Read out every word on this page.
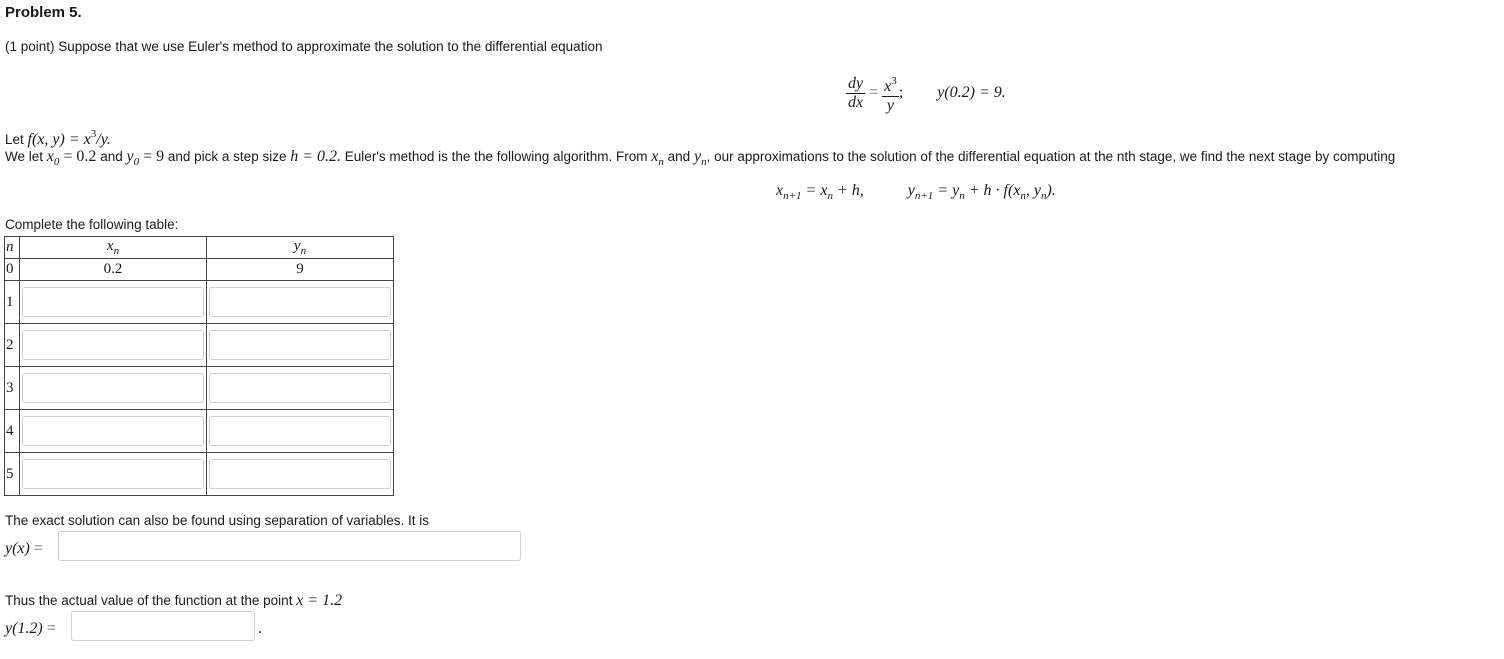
Problem 5.
(1 point) Suppose that we use Euler's method to approximate the solution to the differential equation
$\frac{dy}{dx} = \frac{x^3}{y}$ ; y(0.2) = 9.
Let f(x, $y) = x^3/y$.
We let $x_0 = 0.2$ and $y_0 = 9$ and pick a step size h = 0.2. Euler's method is the the following algorithm. From $x_n$ and $y_n$, our approximations to the solution of the differential equation at the nth stage, we find the next stage by computing
$x_{n+1} = x_n + h$,	$y_{n+1} = y_n + h \cdot f(x_n$, $y_n$).
Complete the following table:
n	$x_n$	$y_n$
0	0.2	9
1	

2	

3	

4	

5	

The exact solution can also be found using separation of variables. It is
y(x) =
Thus the actual value of the function at the point x = 1.2
y(1.2) =	.
